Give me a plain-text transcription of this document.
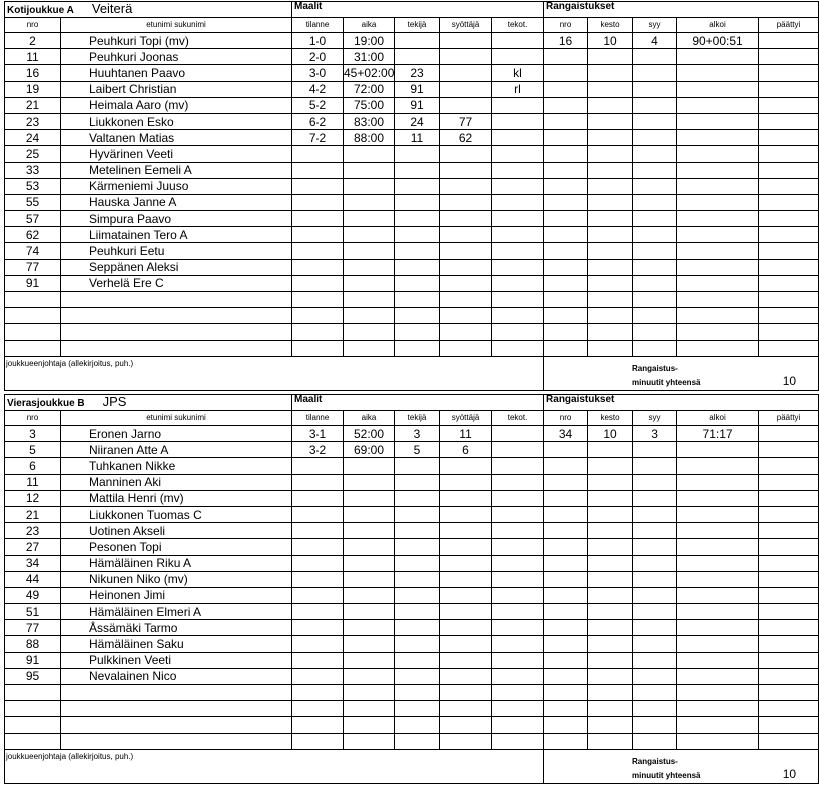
Kotijoukkue A Veiterä		Maalit					Rangaistukset				
nro	etunimi sukunimi	tilanne	aika	tekijä	syöttäjä	tekot.	nro	kesto	syy	alkoi	päättyi
2	Peuhkuri Topi (mv)	1-0	19:00				16	10	4	90+00:51	
11	Peuhkuri Joonas	2-0	31:00								
16	Huuhtanen Paavo	3-0	45+02:00	23		kl					
19	Laibert Christian	4-2	72:00	91		rl					
21	Heimala Aaro (mv)	5-2	75:00	91							
23	Liukkonen Esko	6-2	83:00	24	77						
24	Valtanen Matias	7-2	88:00	11	62						
25	Hyvärinen Veeti										
33	Metelinen Eemeli A										
53	Kärmeniemi Juuso										
55	Hauska Janne A										
57	Simpura Paavo										
62	Liimatainen Tero A										
74	Peuhkuri Eetu										
77	Seppänen Aleksi										
91	Verhelä Ere C										

joukkueenjohtaja (allekirjoitus, puh.)							Rangaistus-
minuutit yhteensä 10				
Vierasjoukkue B JPS		Maalit					Rangaistukset				
nro	etunimi sukunimi	tilanne	aika	tekijä	syöttäjä	tekot.	nro	kesto	syy	alkoi	päättyi
3	Eronen Jarno	3-1	52:00	3	11		34	10	3	71:17	
5	Niiranen Atte A	3-2	69:00	5	6						
6	Tuhkanen Nikke										
11	Manninen Aki										
12	Mattila Henri (mv)										
21	Liukkonen Tuomas C										
23	Uotinen Akseli										
27	Pesonen Topi										
34	Hämäläinen Riku A										
44	Nikunen Niko (mv)										
49	Heinonen Jimi										
51	Hämäläinen Elmeri A										
77	Åssämäki Tarmo										
88	Hämäläinen Saku										
91	Pulkkinen Veeti										
95	Nevalainen Nico										

joukkueenjohtaja (allekirjoitus, puh.)							Rangaistus-
minuutit yhteensä 10				
